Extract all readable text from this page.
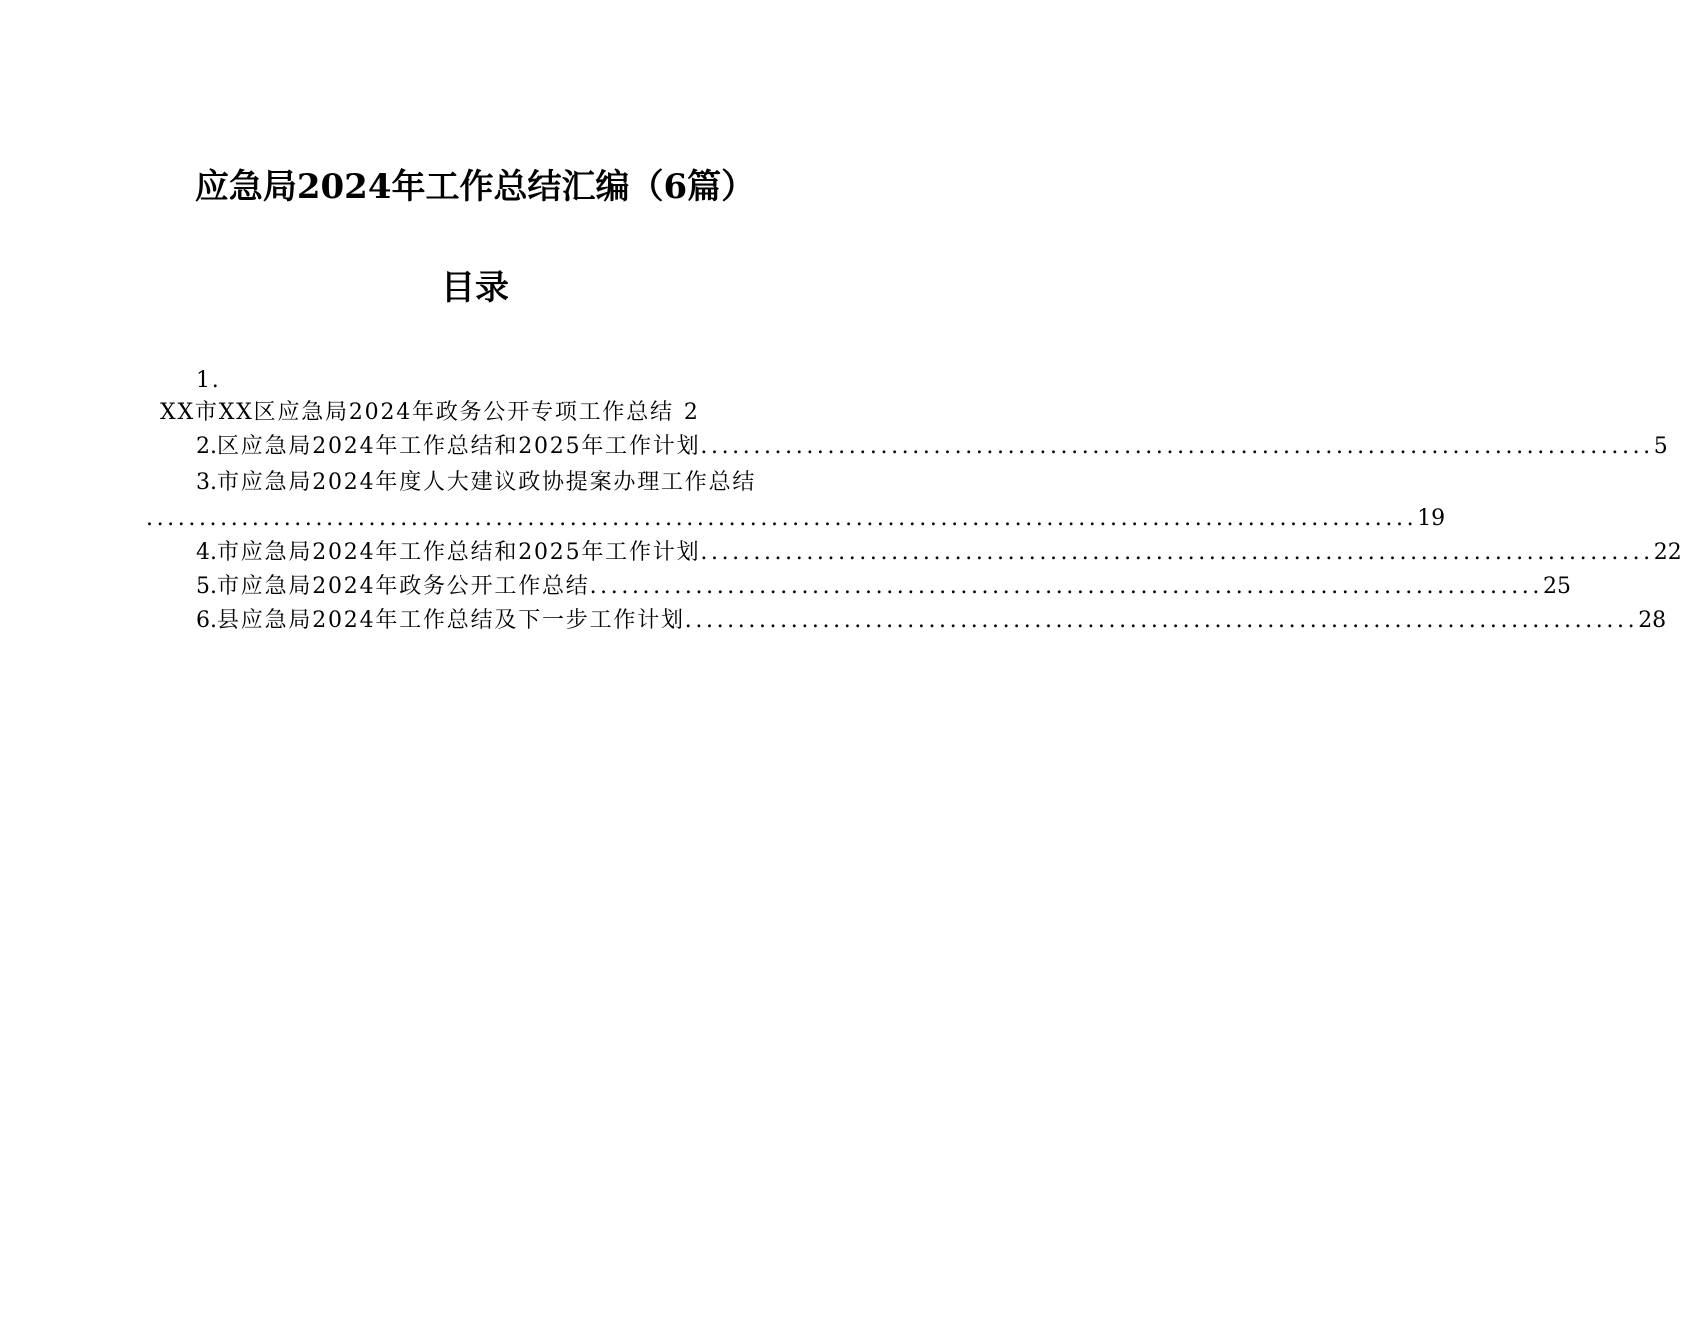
应急局2024年工作总结汇编（6篇）
目录
1.
XX市XX区应急局2024年政务公开专项工作总结 2
2. 区应急局2024年工作总结和2025年工作计划 .......................................................................................... 5
3. 市应急局2024年度人大建议政协提案办理工作总结
........................................................................................................................ 19
4. 市应急局2024年工作总结和2025年工作计划 .......................................................................................... 22
5. 市应急局2024年政务公开工作总结 .......................................................................................... 25
6. 县应急局2024年工作总结及下一步工作计划 .......................................................................................... 28
